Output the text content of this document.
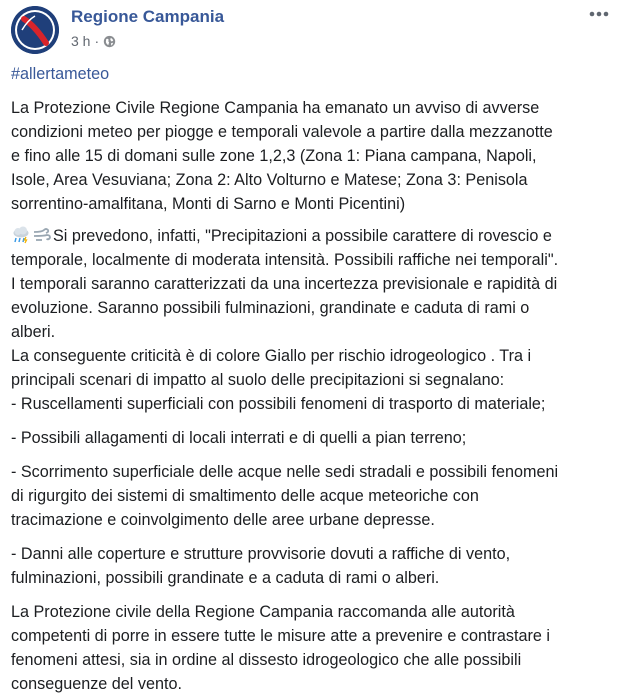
Regione Campania
3 h ·

#allertameteo

La Protezione Civile Regione Campania ha emanato un avviso di avverse

condizioni meteo per piogge e temporali valevole a partire dalla mezzanotte

e fino alle 15 di domani sulle zone 1,2,3 (Zona 1: Piana campana, Napoli,

Isole, Area Vesuviana; Zona 2: Alto Volturno e Matese; Zona 3: Penisola

sorrentino-amalfitana, Monti di Sarno e Monti Picentini)

Si prevedono, infatti, "Precipitazioni a possibile carattere di rovescio e

temporale, localmente di moderata intensità. Possibili raffiche nei temporali".

I temporali saranno caratterizzati da una incertezza previsionale e rapidità di

evoluzione. Saranno possibili fulminazioni, grandinate e caduta di rami o

alberi.

La conseguente criticità è di colore Giallo per rischio idrogeologico . Tra i

principali scenari di impatto al suolo delle precipitazioni si segnalano:

- Ruscellamenti superficiali con possibili fenomeni di trasporto di materiale;

- Possibili allagamenti di locali interrati e di quelli a pian terreno;

- Scorrimento superficiale delle acque nelle sedi stradali e possibili fenomeni

di rigurgito dei sistemi di smaltimento delle acque meteoriche con

tracimazione e coinvolgimento delle aree urbane depresse.

- Danni alle coperture e strutture provvisorie dovuti a raffiche di vento,

fulminazioni, possibili grandinate e a caduta di rami o alberi.

La Protezione civile della Regione Campania raccomanda alle autorità

competenti di porre in essere tutte le misure atte a prevenire e contrastare i

fenomeni attesi, sia in ordine al dissesto idrogeologico che alle possibili

conseguenze del vento.
